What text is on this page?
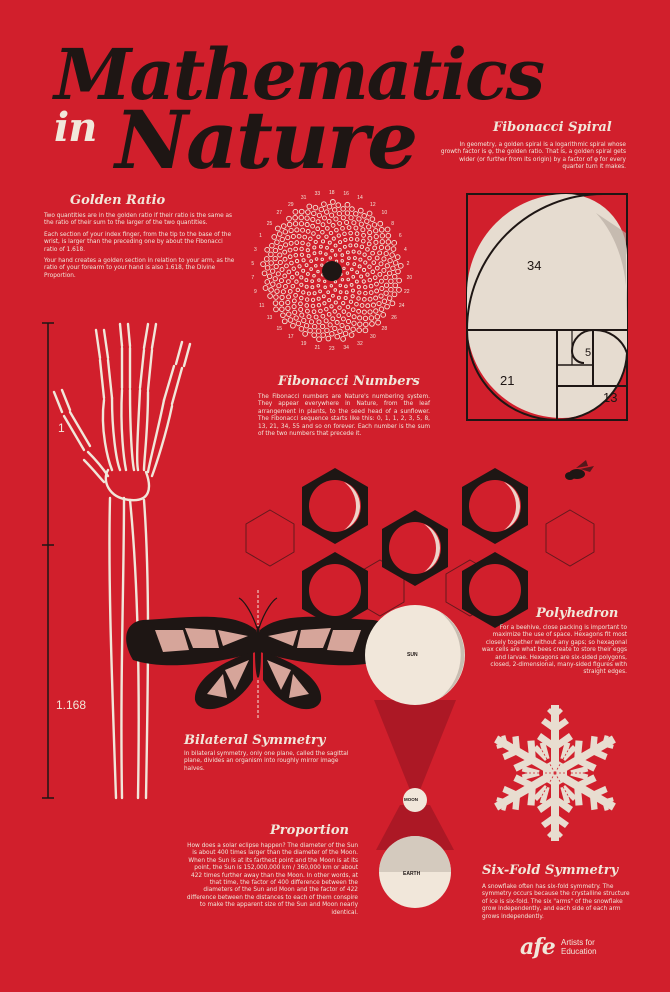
Mathematics
in Nature
Golden Ratio

Two quantities are in the golden ratio if their ratio is the same as the ratio of their sum to the larger of the two quantities.

Each section of your index finger, from the tip to the base of the wrist, is larger than the preceding one by about the Fibonacci ratio of 1.618.

Your hand creates a golden section in relation to your arm, as the ratio of your forearm to your hand is also 1.618, the Divine Proportion.

Fibonacci Spiral
In geometry, a golden spiral is a logarithmic spiral whose growth factor is φ, the golden ratio. That is, a golden spiral gets wider (or further from its origin) by a factor of φ for every quarter turn it makes.
34
21
13
5
18 16
14
12
10
8
6
4
2
20
22
24
26
28
30
32
34
23
21
19
17
15
13
11
9
7
5
3
1
25
27
29
31
33
Fibonacci Numbers
The Fibonacci numbers are Nature's numbering system. They appear everywhere in Nature, from the leaf arrangement in plants, to the seed head of a sunflower. The Fibonacci sequence starts like this: 0, 1, 1, 2, 3, 5, 8, 13, 21, 34, 55 and so on forever. Each number is the sum of the two numbers that precede it.
1
1.168
Polyhedron
For a beehive, close packing is important to maximize the use of space. Hexagons fit most closely together without any gaps; so hexagonal wax cells are what bees create to store their eggs and larvae. Hexagons are six-sided polygons, closed, 2-dimensional, many-sided figures with straight edges.
Bilateral Symmetry
In bilateral symmetry, only one plane, called the sagittal plane, divides an organism into roughly mirror image halves.
SUN
MOON
EARTH
Proportion
How does a solar eclipse happen? The diameter of the Sun is about 400 times larger than the diameter of the Moon. When the Sun is at its farthest point and the Moon is at its point, the Sun is 152,000,000 km / 360,000 km or about 422 times further away than the Moon. In other words, at that time, the factor of 400 difference between the diameters of the Sun and Moon and the factor of 422 difference between the distances to each of them conspire to make the apparent size of the Sun and Moon nearly identical.
Six-Fold Symmetry
A snowflake often has six-fold symmetry. The symmetry occurs because the crystalline structure of ice is six-fold. The six "arms" of the snowflake grow independently, and each side of each arm grows independently.
afe Artists for
Education
